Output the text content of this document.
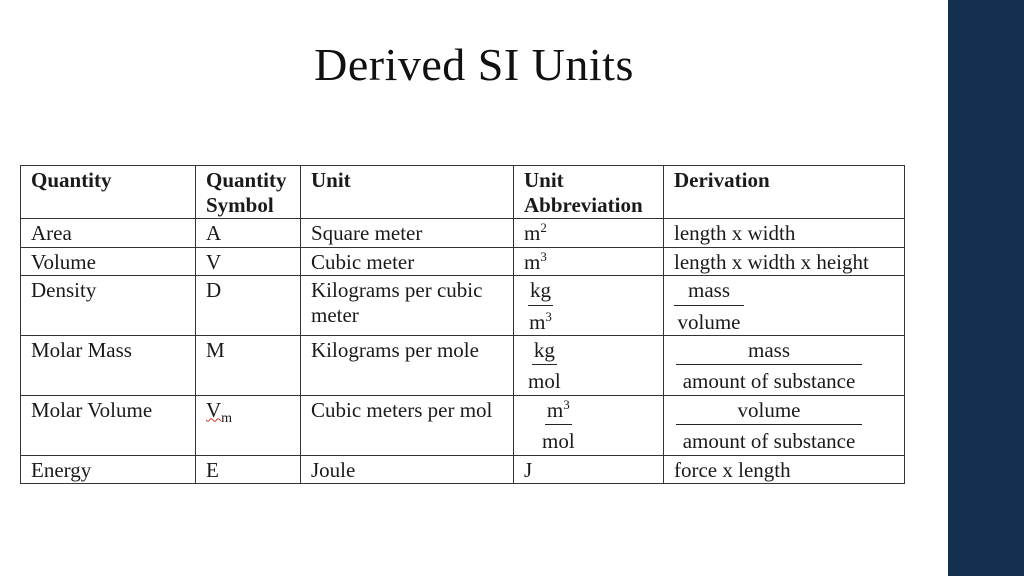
Derived SI Units
Quantity	Quantity Symbol	Unit	Unit Abbreviation	Derivation
Area	A	Square meter	$m^2$	length x width
Volume	V	Cubic meter	$m^3$	length x width x height
Density	D	Kilograms per cubic meter	$\frac{kg}{m^3}$	$\frac{\text{mass}}{\text{volume}}$

Molar Mass	M	Kilograms per mole	$\frac{kg}{\text{mol}}$	$\frac{\text{mass}}{\text{amount of substance}}$

Molar Volume	$V_m$	Cubic meters per mol	$\frac{m^3}{\text{mol}}$	$\frac{\text{volume}}{\text{amount of substance}}$

Energy	E	Joule	J	force x length
